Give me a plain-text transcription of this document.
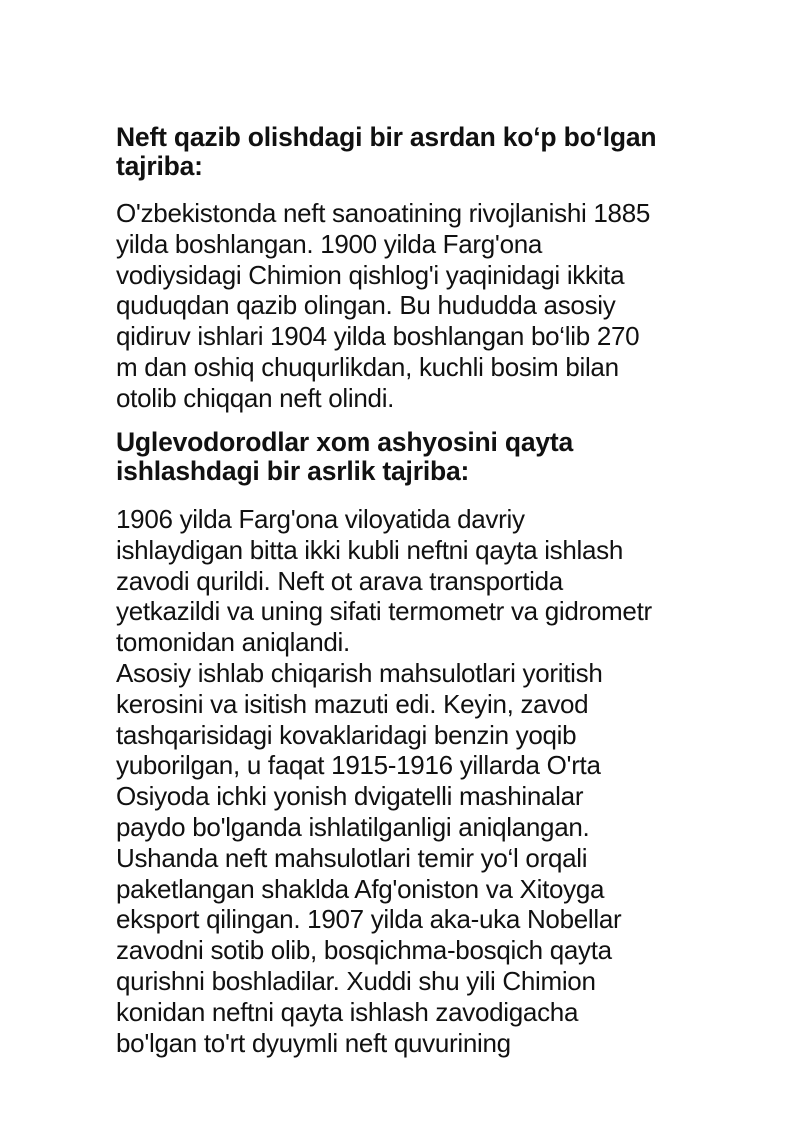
Neft qazib olishdagi bir asrdan ko‘p bo‘lgan
tajriba:

O'zbekistonda neft sanoatining rivojlanishi 1885
yilda boshlangan. 1900 yilda Farg'ona
vodiysidagi Chimion qishlog'i yaqinidagi ikkita
quduqdan qazib olingan. Bu hududda asosiy
qidiruv ishlari 1904 yilda boshlangan bo‘lib 270
m dan oshiq chuqurlikdan, kuchli bosim bilan
otolib chiqqan neft olindi.

Uglevodorodlar xom ashyosini qayta
ishlashdagi bir asrlik tajriba:

1906 yilda Farg'ona viloyatida davriy
ishlaydigan bitta ikki kubli neftni qayta ishlash
zavodi qurildi. Neft ot arava transportida
yetkazildi va uning sifati termometr va gidrometr
tomonidan aniqlandi.
Asosiy ishlab chiqarish mahsulotlari yoritish
kerosini va isitish mazuti edi. Keyin, zavod
tashqarisidagi kovaklaridagi benzin yoqib
yuborilgan, u faqat 1915-1916 yillarda O'rta
Osiyoda ichki yonish dvigatelli mashinalar
paydo bo'lganda ishlatilganligi aniqlangan.
Ushanda neft mahsulotlari temir yo‘l orqali
paketlangan shaklda Afg'oniston va Xitoyga
eksport qilingan. 1907 yilda aka-uka Nobellar
zavodni sotib olib, bosqichma-bosqich qayta
qurishni boshladilar. Xuddi shu yili Chimion
konidan neftni qayta ishlash zavodigacha
bo'lgan to'rt dyuymli neft quvurining
